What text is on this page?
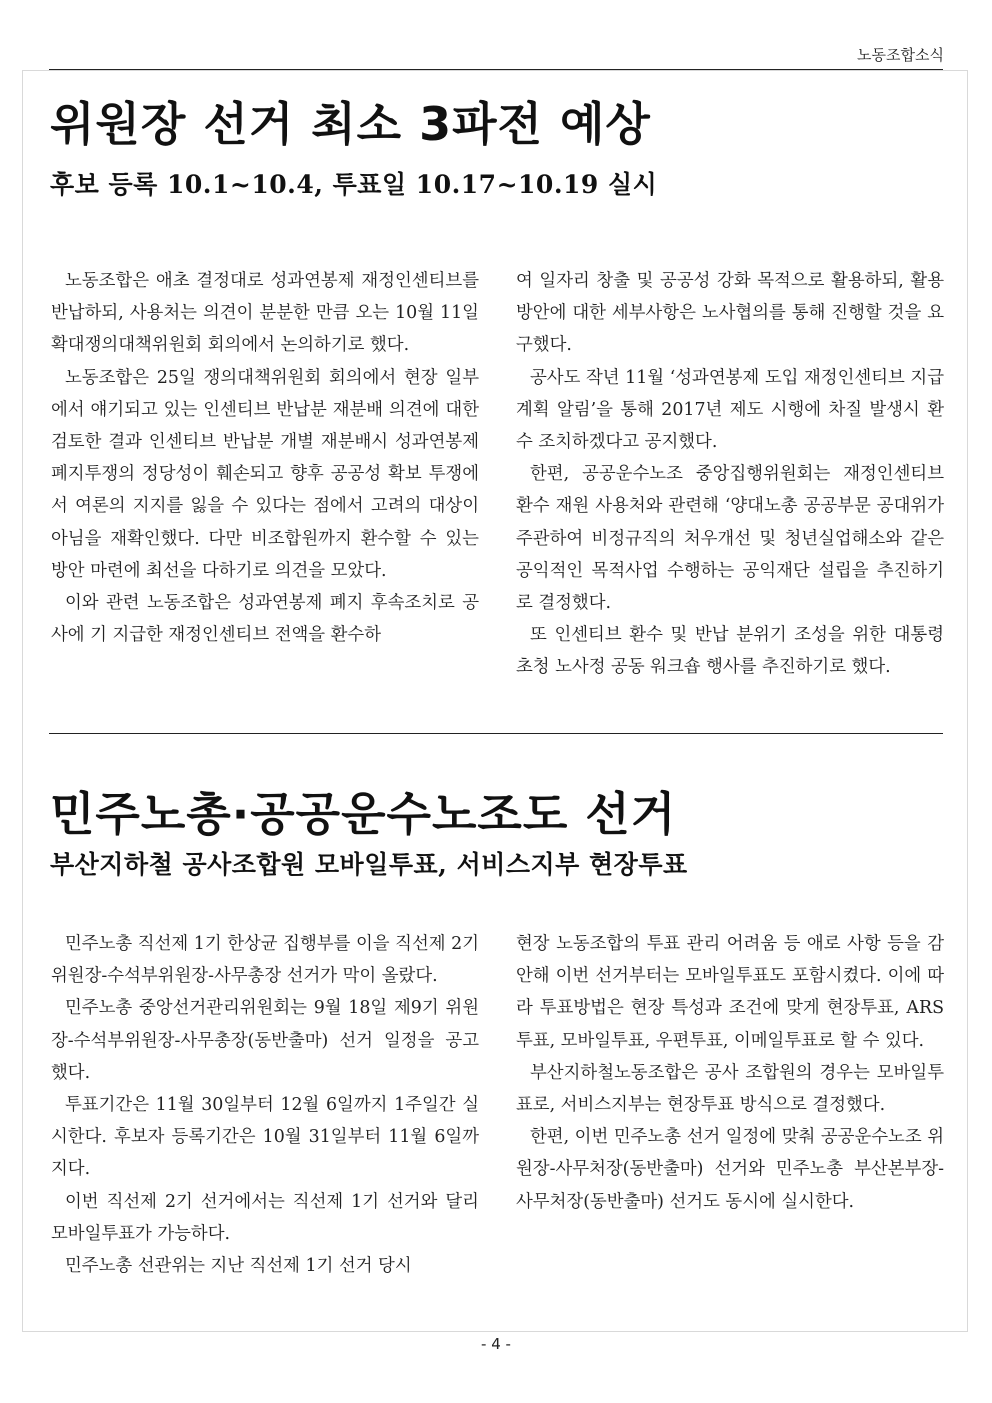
노동조합소식
위원장 선거 최소 3파전 예상
후보 등록 10.1~10.4, 투표일 10.17~10.19 실시

노동조합은 애초 결정대로 성과연봉제 재정인센티브를 반납하되, 사용처는 의견이 분분한 만큼 오는 10월 11일 확대쟁의대책위원회 회의에서 논의하기로 했다.

노동조합은 25일 쟁의대책위원회 회의에서 현장 일부에서 얘기되고 있는 인센티브 반납분 재분배 의견에 대한 검토한 결과 인센티브 반납분 개별 재분배시 성과연봉제 폐지투쟁의 정당성이 훼손되고 향후 공공성 확보 투쟁에서 여론의 지지를 잃을 수 있다는 점에서 고려의 대상이 아님을 재확인했다. 다만 비조합원까지 환수할 수 있는 방안 마련에 최선을 다하기로 의견을 모았다.

이와 관련 노동조합은 성과연봉제 폐지 후속조치로 공사에 기 지급한 재정인센티브 전액을 환수하

여 일자리 창출 및 공공성 강화 목적으로 활용하되, 활용방안에 대한 세부사항은 노사협의를 통해 진행할 것을 요구했다.

공사도 작년 11월 ‘성과연봉제 도입 재정인센티브 지급계획 알림’을 통해 2017년 제도 시행에 차질 발생시 환수 조치하겠다고 공지했다.

한편, 공공운수노조 중앙집행위원회는 재정인센티브 환수 재원 사용처와 관련해 ‘양대노총 공공부문 공대위가 주관하여 비정규직의 처우개선 및 청년실업해소와 같은 공익적인 목적사업 수행하는 공익재단 설립을 추진하기로 결정했다.

또 인센티브 환수 및 반납 분위기 조성을 위한 대통령 초청 노사정 공동 워크숍 행사를 추진하기로 했다.

민주노총·공공운수노조도 선거
부산지하철 공사조합원 모바일투표, 서비스지부 현장투표

민주노총 직선제 1기 한상균 집행부를 이을 직선제 2기 위원장-수석부위원장-사무총장 선거가 막이 올랐다.

민주노총 중앙선거관리위원회는 9월 18일 제9기 위원장-수석부위원장-사무총장(동반출마) 선거 일정을 공고했다.

투표기간은 11월 30일부터 12월 6일까지 1주일간 실시한다. 후보자 등록기간은 10월 31일부터 11월 6일까지다.

이번 직선제 2기 선거에서는 직선제 1기 선거와 달리 모바일투표가 가능하다.

민주노총 선관위는 지난 직선제 1기 선거 당시

현장 노동조합의 투표 관리 어려움 등 애로 사항 등을 감안해 이번 선거부터는 모바일투표도 포함시켰다. 이에 따라 투표방법은 현장 특성과 조건에 맞게 현장투표, ARS투표, 모바일투표, 우편투표, 이메일투표로 할 수 있다.

부산지하철노동조합은 공사 조합원의 경우는 모바일투표로, 서비스지부는 현장투표 방식으로 결정했다.

한편, 이번 민주노총 선거 일정에 맞춰 공공운수노조 위원장-사무처장(동반출마) 선거와 민주노총 부산본부장-사무처장(동반출마) 선거도 동시에 실시한다.

- 4 -
